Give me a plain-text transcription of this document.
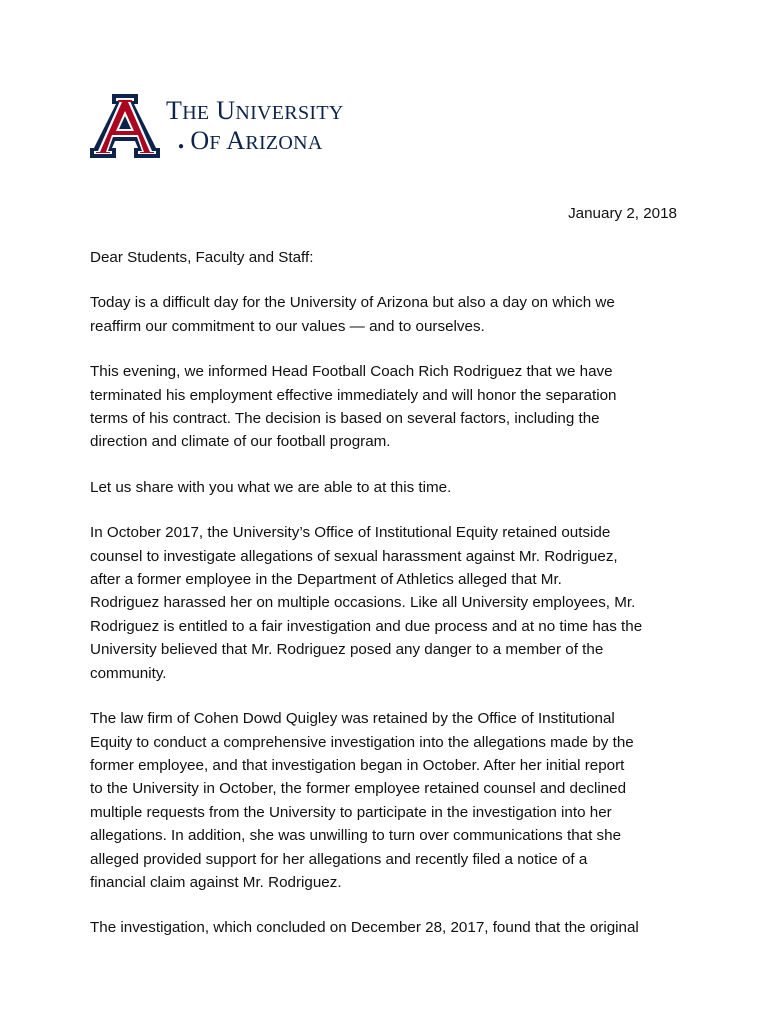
THE UNIVERSITY
● OF ARIZONA
January 2, 2018

Dear Students, Faculty and Staff:

Today is a difficult day for the University of Arizona but also a day on which we
reaffirm our commitment to our values — and to ourselves.

This evening, we informed Head Football Coach Rich Rodriguez that we have
terminated his employment effective immediately and will honor the separation
terms of his contract. The decision is based on several factors, including the
direction and climate of our football program.

Let us share with you what we are able to at this time.

In October 2017, the University’s Office of Institutional Equity retained outside
counsel to investigate allegations of sexual harassment against Mr. Rodriguez,
after a former employee in the Department of Athletics alleged that Mr.
Rodriguez harassed her on multiple occasions. Like all University employees, Mr.
Rodriguez is entitled to a fair investigation and due process and at no time has the
University believed that Mr. Rodriguez posed any danger to a member of the
community.

The law firm of Cohen Dowd Quigley was retained by the Office of Institutional
Equity to conduct a comprehensive investigation into the allegations made by the
former employee, and that investigation began in October. After her initial report
to the University in October, the former employee retained counsel and declined
multiple requests from the University to participate in the investigation into her
allegations. In addition, she was unwilling to turn over communications that she
alleged provided support for her allegations and recently filed a notice of a
financial claim against Mr. Rodriguez.

The investigation, which concluded on December 28, 2017, found that the original
